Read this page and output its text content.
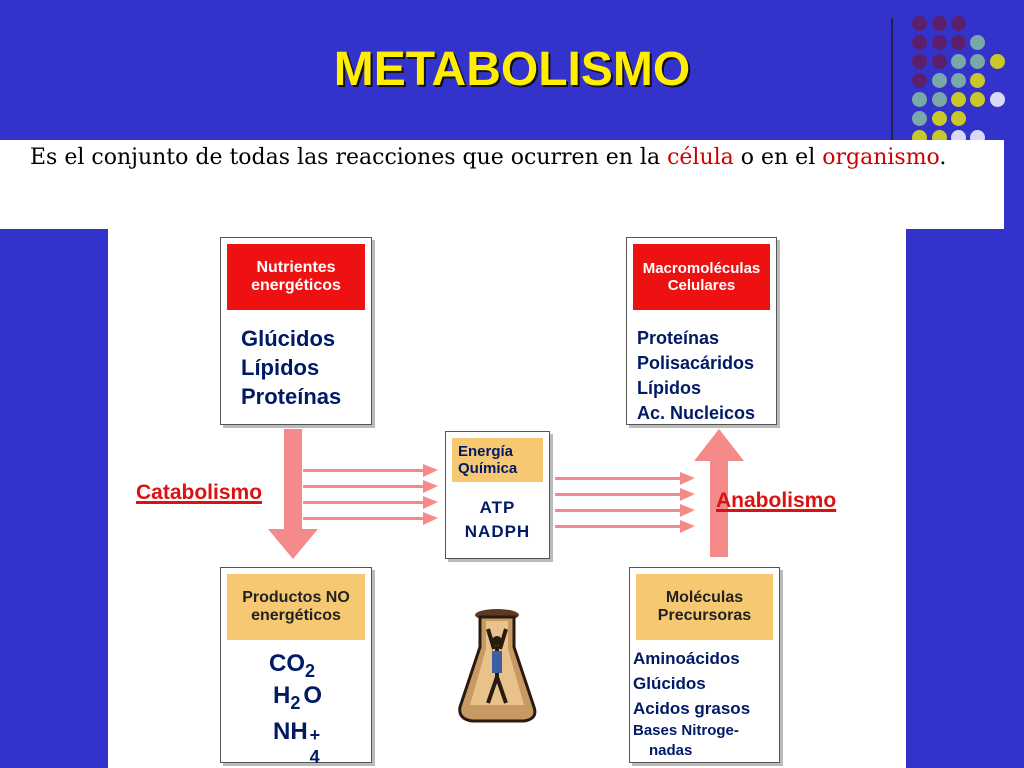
METABOLISMO
Es el conjunto de todas las reacciones que ocurren en la célula o en el organismo.
Nutrientes
energéticos
Glúcidos
Lípidos
Proteínas
Macromoléculas
Celulares
Proteínas
Polisacáridos
Lípidos
Ac. Nucleicos
Energía
Química
ATP
NADPH
Productos NO
energéticos
$CO_2$
$H_2$ O
NH +
4
Moléculas
Precursoras
Aminoácidos
Glúcidos
Acidos grasos
Bases Nitroge-
nadas
Catabolismo	Anabolismo
